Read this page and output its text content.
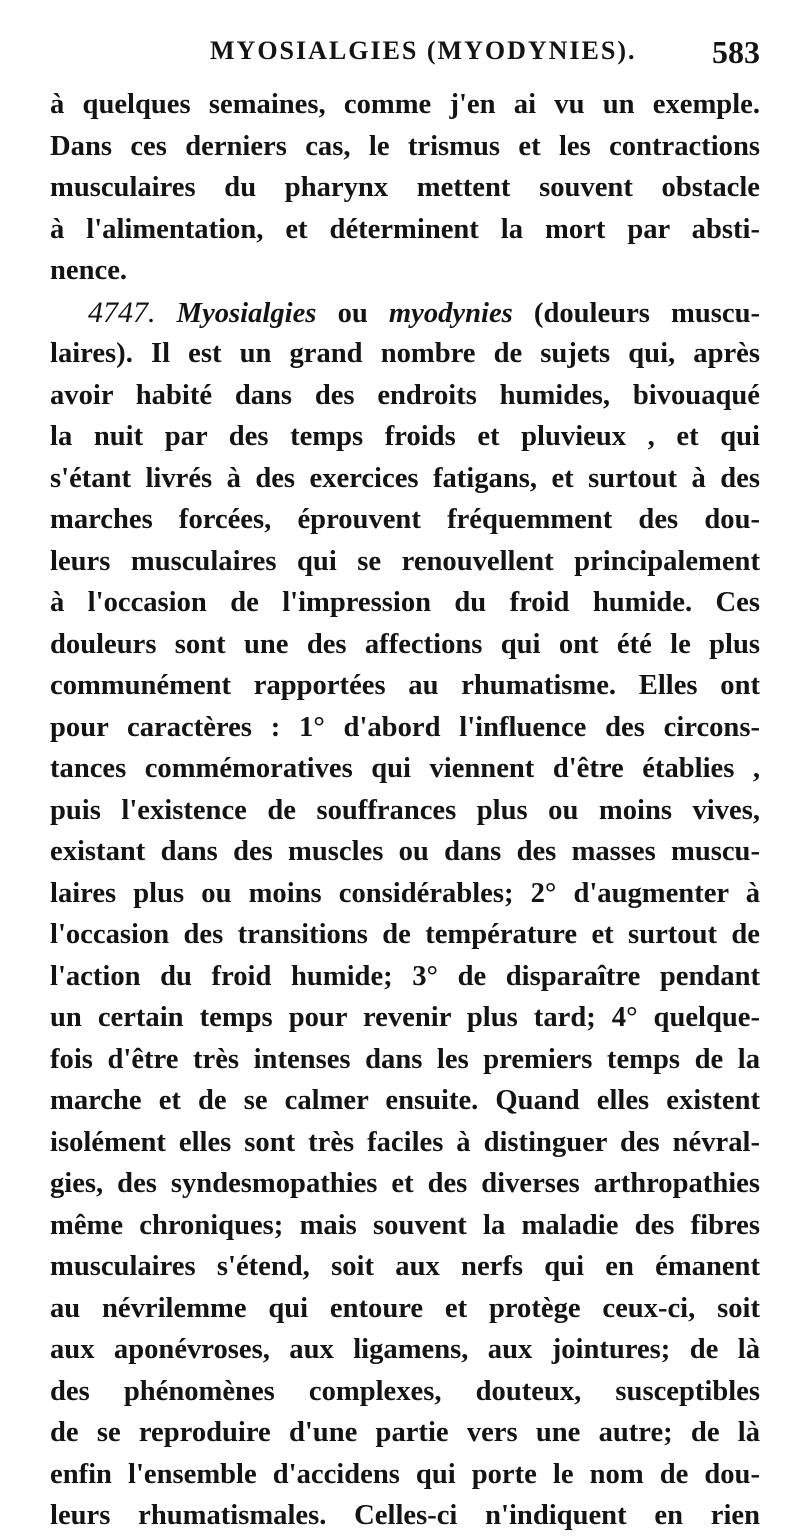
MYOSIALGIES (MYODYNIES). 583
à quelques semaines, comme j'en ai vu un exemple.
Dans ces derniers cas, le trismus et les contractions
musculaires du pharynx mettent souvent obstacle
à l'alimentation, et déterminent la mort par absti-
nence.
4747. Myosialgies ou myodynies (douleurs muscu-
laires). Il est un grand nombre de sujets qui, après
avoir habité dans des endroits humides, bivouaqué
la nuit par des temps froids et pluvieux , et qui
s'étant livrés à des exercices fatigans, et surtout à des
marches forcées, éprouvent fréquemment des dou-
leurs musculaires qui se renouvellent principalement
à l'occasion de l'impression du froid humide. Ces
douleurs sont une des affections qui ont été le plus
communément rapportées au rhumatisme. Elles ont
pour caractères : 1° d'abord l'influence des circons-
tances commémoratives qui viennent d'être établies ,
puis l'existence de souffrances plus ou moins vives,
existant dans des muscles ou dans des masses muscu-
laires plus ou moins considérables; 2° d'augmenter à
l'occasion des transitions de température et surtout de
l'action du froid humide; 3° de disparaître pendant
un certain temps pour revenir plus tard; 4° quelque-
fois d'être très intenses dans les premiers temps de la
marche et de se calmer ensuite. Quand elles existent
isolément elles sont très faciles à distinguer des névral-
gies, des syndesmopathies et des diverses arthropathies
même chroniques; mais souvent la maladie des fibres
musculaires s'étend, soit aux nerfs qui en émanent
au névrilemme qui entoure et protège ceux-ci, soit
aux aponévroses, aux ligamens, aux jointures; de là
des phénomènes complexes, douteux, susceptibles
de se reproduire d'une partie vers une autre; de là
enfin l'ensemble d'accidens qui porte le nom de dou-
leurs rhumatismales. Celles-ci n'indiquent en rien
